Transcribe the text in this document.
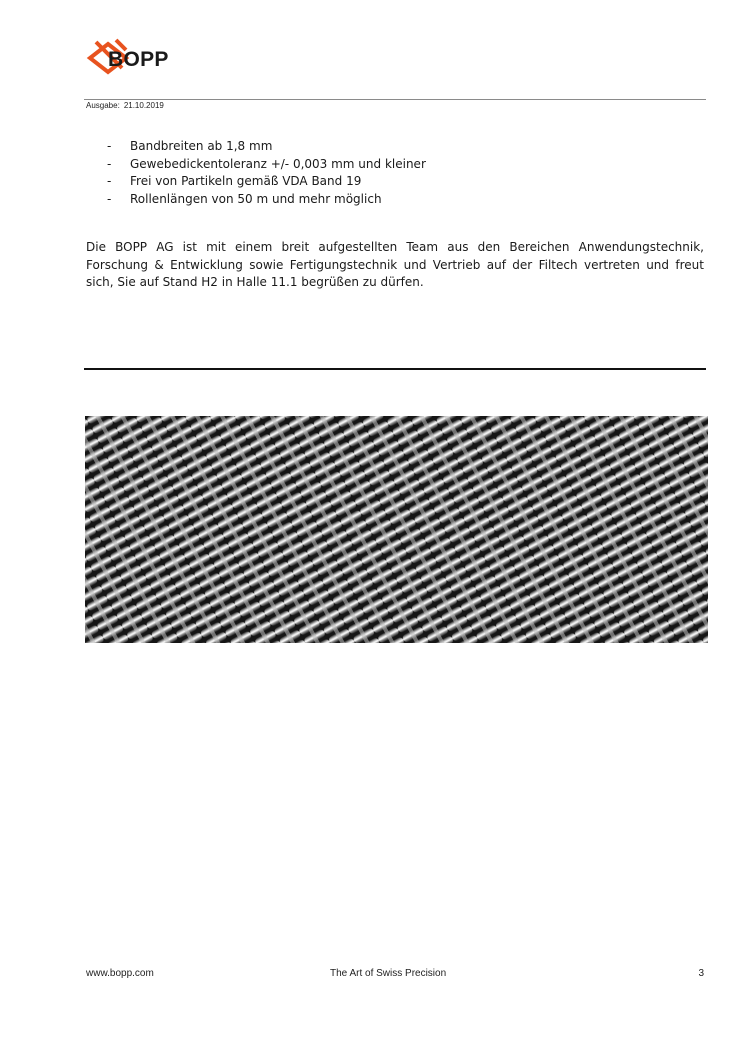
BOPP
Ausgabe: 21.10.2019
-	Bandbreiten ab 1,8 mm
-	Gewebedickentoleranz +/- 0,003 mm und kleiner
-	Frei von Partikeln gemäß VDA Band 19
-	Rollenlängen von 50 m und mehr möglich

Die BOPP AG ist mit einem breit aufgestellten Team aus den Bereichen Anwendungstechnik, Forschung & Entwicklung sowie Fertigungstechnik und Vertrieb auf der Filtech vertreten und freut sich, Sie auf Stand H2 in Halle 11.1 begrüßen zu dürfen.

www.bopp.com	The Art of Swiss Precision	3
